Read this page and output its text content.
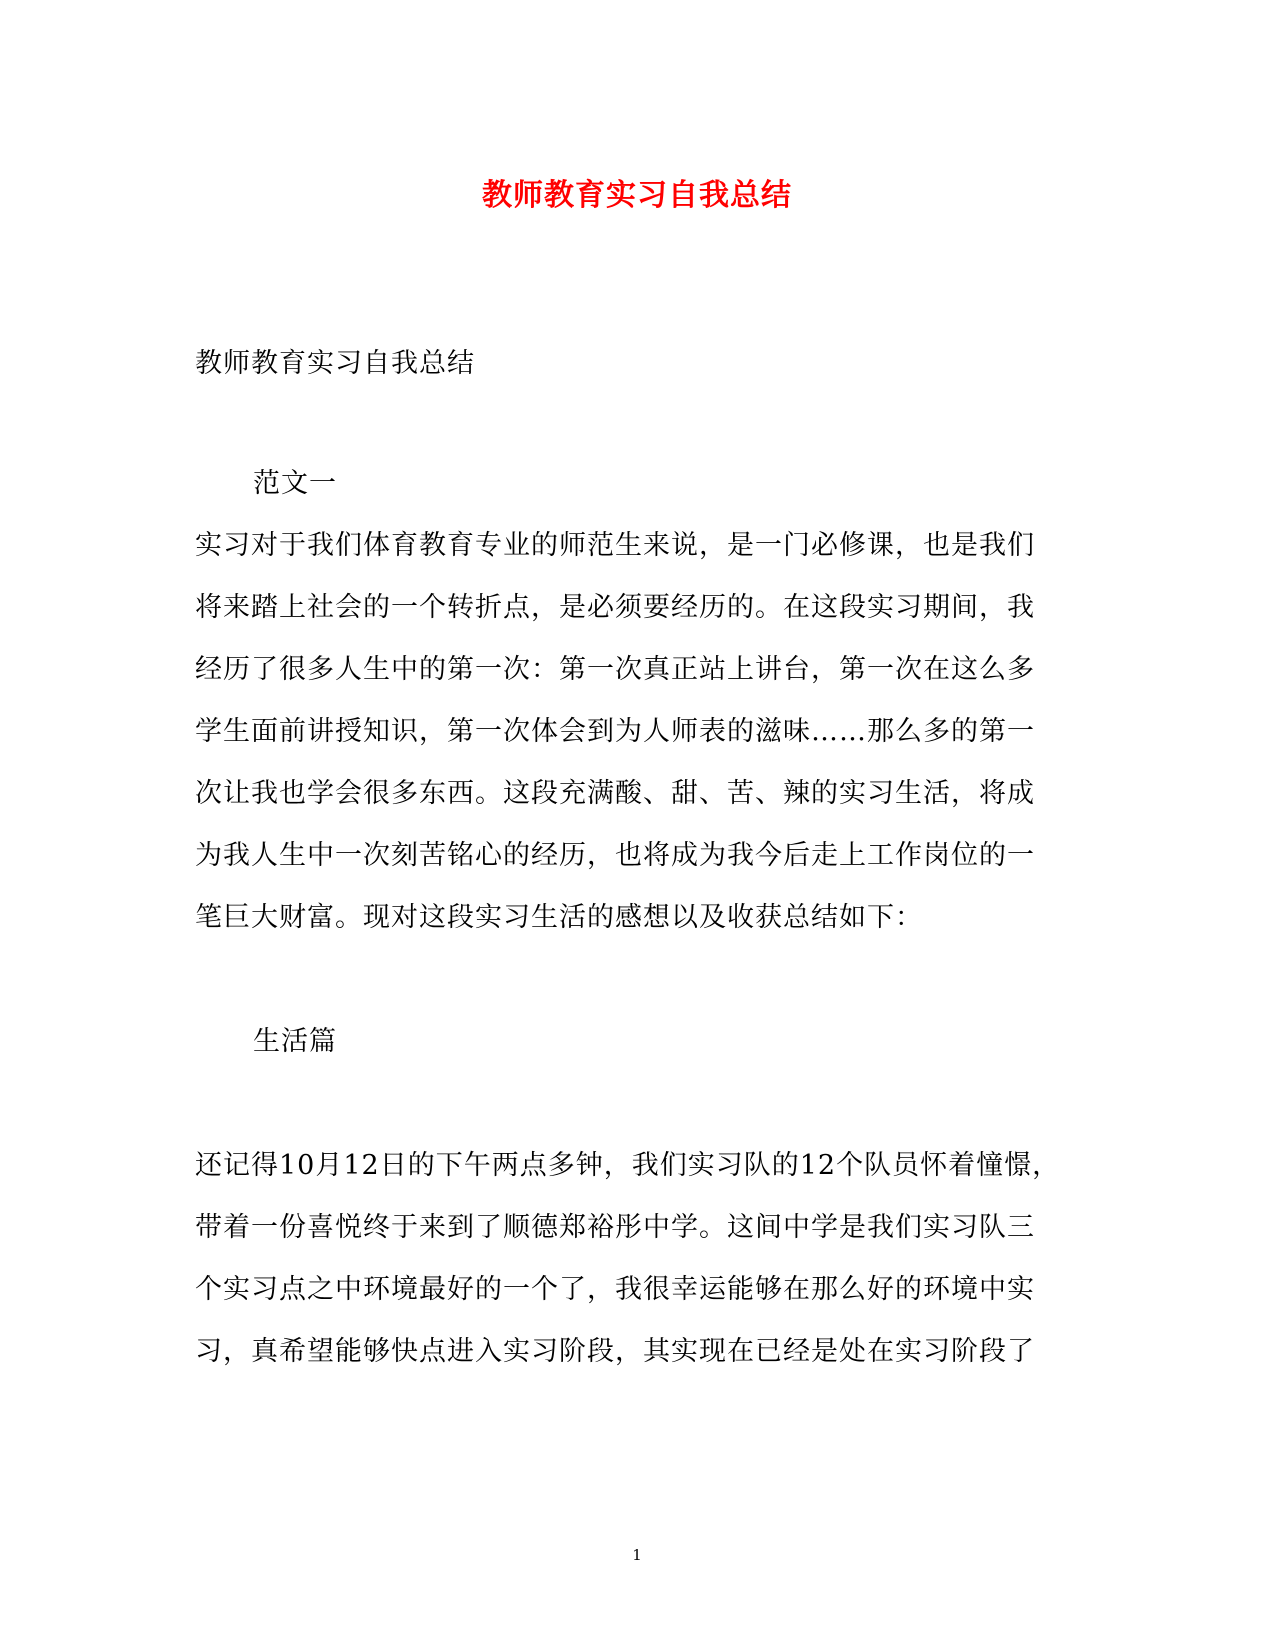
教师教育实习自我总结
教师教育实习自我总结
范文一
实习对于我们体育教育专业的师范生来说，是一门必修课，也是我们
将来踏上社会的一个转折点，是必须要经历的。在这段实习期间，我
经历了很多人生中的第一次：第一次真正站上讲台，第一次在这么多
学生面前讲授知识，第一次体会到为人师表的滋味……那么多的第一
次让我也学会很多东西。这段充满酸、甜、苦、辣的实习生活，将成
为我人生中一次刻苦铭心的经历，也将成为我今后走上工作岗位的一
笔巨大财富。现对这段实习生活的感想以及收获总结如下：
生活篇
还记得10月12日的下午两点多钟，我们实习队的12个队员怀着憧憬，
带着一份喜悦终于来到了顺德郑裕彤中学。这间中学是我们实习队三
个实习点之中环境最好的一个了，我很幸运能够在那么好的环境中实
习，真希望能够快点进入实习阶段，其实现在已经是处在实习阶段了
1
